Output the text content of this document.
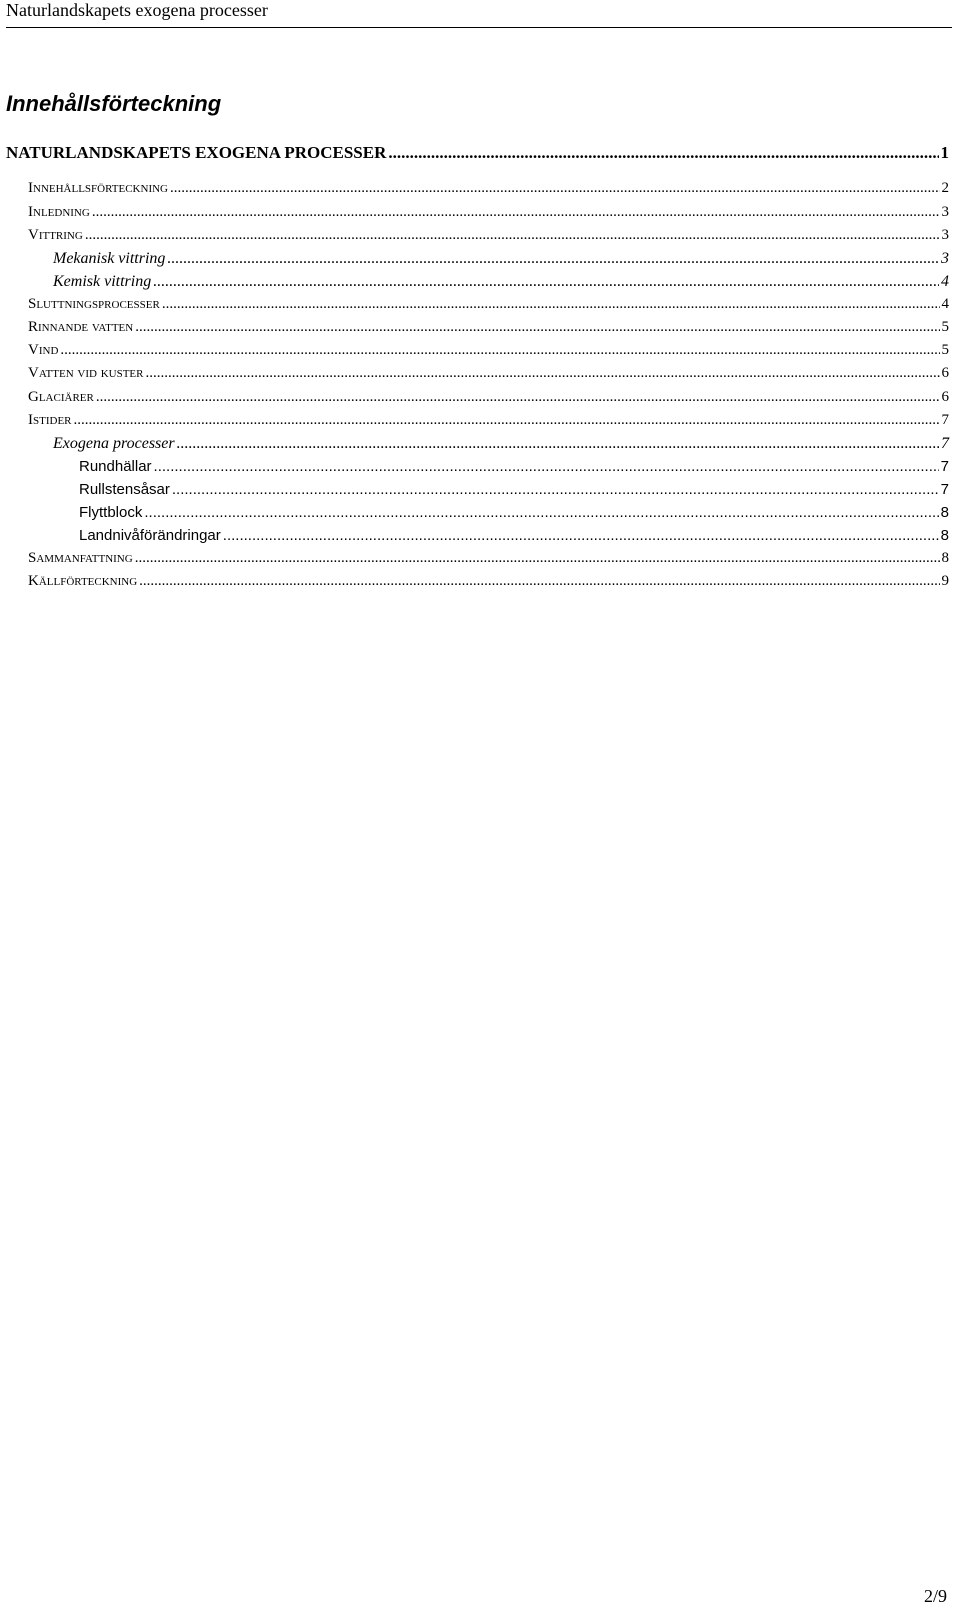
Naturlandskapets exogena processer
Innehållsförteckning
NATURLANDSKAPETS EXOGENA PROCESSER .....	1
Innehållsförteckning .....	2
Inledning .....	3
Vittring .....	3
Mekanisk vittring .....	3
Kemisk vittring .....	4
Sluttningsprocesser .....	4
Rinnande vatten .....	5
Vind .....	5
Vatten vid kuster .....	6
Glaciärer .....	6
Istider .....	7
Exogena processer .....	7
Rundhällar .....	7
Rullstensåsar .....	7
Flyttblock .....	8
Landnivåförändringar .....	8
Sammanfattning .....	8
Källförteckning .....	9
2/9
